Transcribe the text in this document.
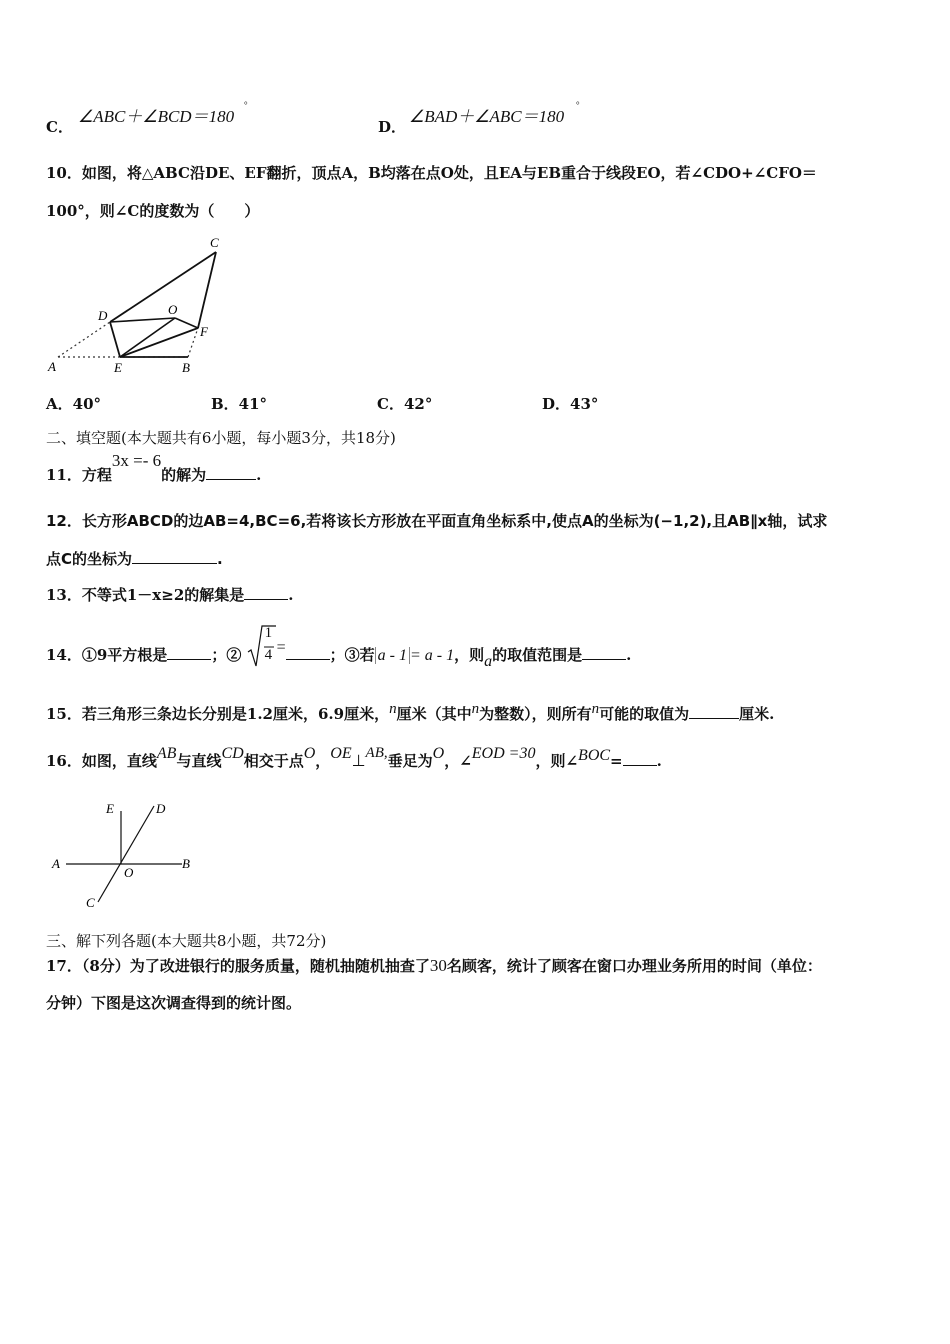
C．
∠ABC＋∠BCD＝180
°
D．
∠BAD＋∠ABC＝180
°
10．如图，将△ABC沿DE、EF翻折，顶点A，B均落在点O处，且EA与EB重合于线段EO，若∠CDO+∠CFO＝
100°，则∠C的度数为（　　）
C
D	O
F
A	E	B
A．40°	B．41°	C．42°	D．43°
二、填空题(本大题共有6小题，每小题3分，共18分)
11．方程3x =- 6的解为	.
12．长方形ABCD的边AB=4,BC=6,若将该长方形放在平面直角坐标系中,使点A的坐标为(−1,2),且AB∥x轴，试求
点C的坐标为	.
13．不等式1－x≥2的解集是	.
14．①9平方根是	；②
1
4 =	；③若 a - 1 = a - 1，则a的取值范围是	.
15．若三角形三条边长分别是1.2厘米，6.9厘米，n厘米（其中n为整数），则所有n可能的取值为	厘米.
16．如图，直线AB与直线CD相交于点O，OE⊥AB,垂足为O，∠EOD =30，则∠BOC= .
E	D
A	B
O
C
三、解下列各题(本大题共8小题，共72分)
17．（8分）为了改进银行的服务质量，随机抽随机抽查了30名顾客，统计了顾客在窗口办理业务所用的时间（单位：
分钟）下图是这次调查得到的统计图。
